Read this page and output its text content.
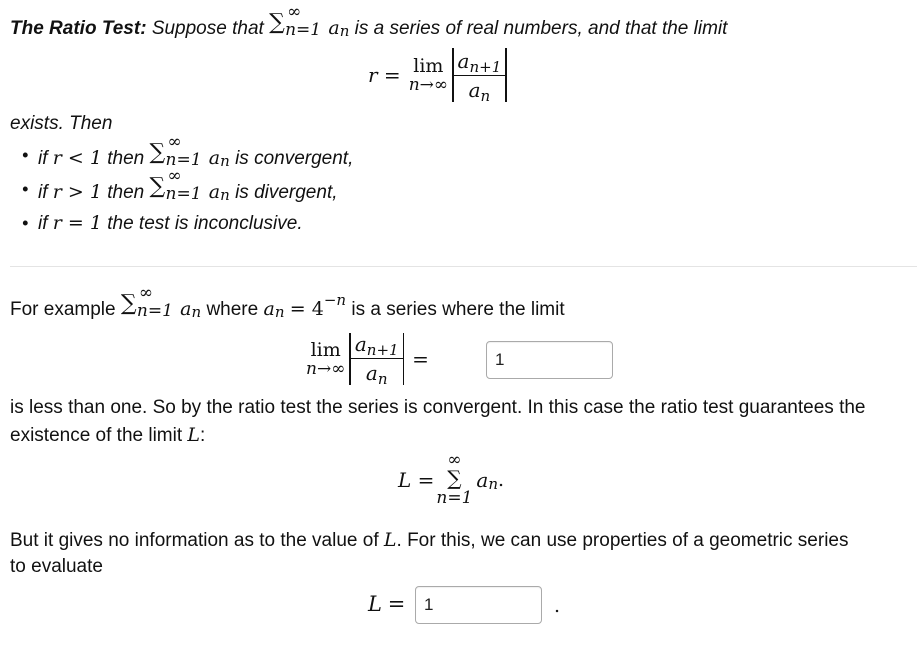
The Ratio Test: Suppose that ∑ ∞
n=1 an is a series of real numbers, and that the limit
r = lim
$n\to\infty \frac{a_{n+1}}{a_n}$
exists. Then
• if r < 1 then ∑ ∞
n=1 an is convergent,
• if r > 1 then ∑ ∞
n=1 an is divergent,
• if r = 1 the test is inconclusive.
For example ∑ ∞
n=1 an where an = $4^{-n}$ is a series where the limit
lim
$n\to\infty \frac{a_{n+1}}{a_n}$ =
1
is less than one. So by the ratio test the series is convergent. In this case the ratio test guarantees the
existence of the limit L:
L =
∞
∑
n=1
a n .
But it gives no information as to the value of L. For this, we can use properties of a geometric series
to evaluate
L =
1	.
